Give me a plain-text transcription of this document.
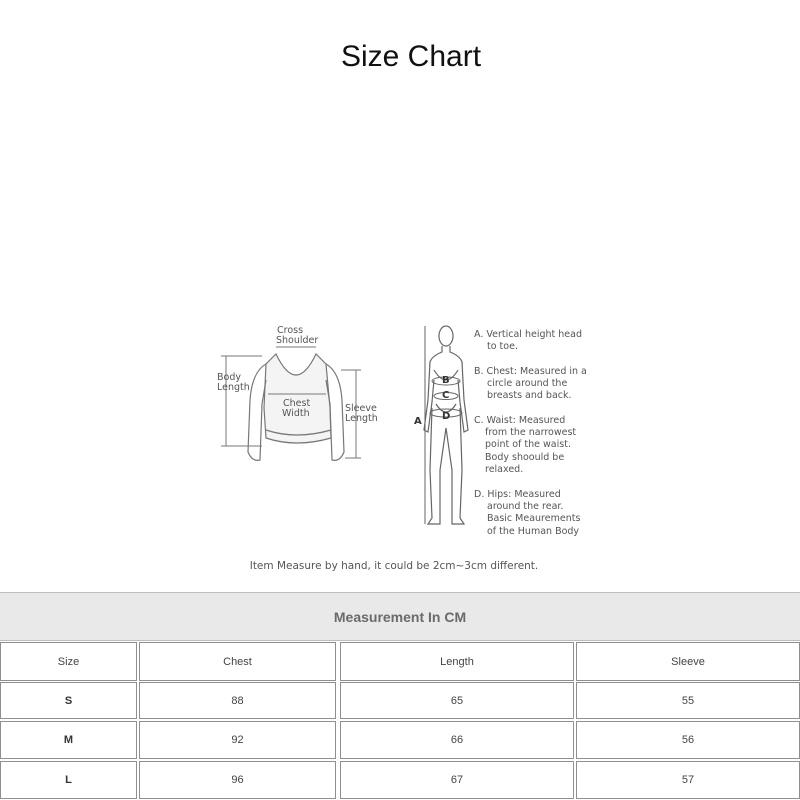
Size Chart
Cross
Shoulder
Body
Length
Chest
Width	Sleeve
Length	A
B
C
D
A. Vertical height head
to toe.
B. Chest: Measured in a
circle around the
breasts and back.
C. Waist: Measured
from the narrowest
point of the waist.
Body shoould be
relaxed.
D. Hips: Measured
around the rear.
Basic Meaurements
of the Human Body
Item Measure by hand, it could be 2cm~3cm different.
Measurement In CM
Size	Chest	Length	Sleeve
S	88	65	55
M	92	66	56
L	96	67	57
